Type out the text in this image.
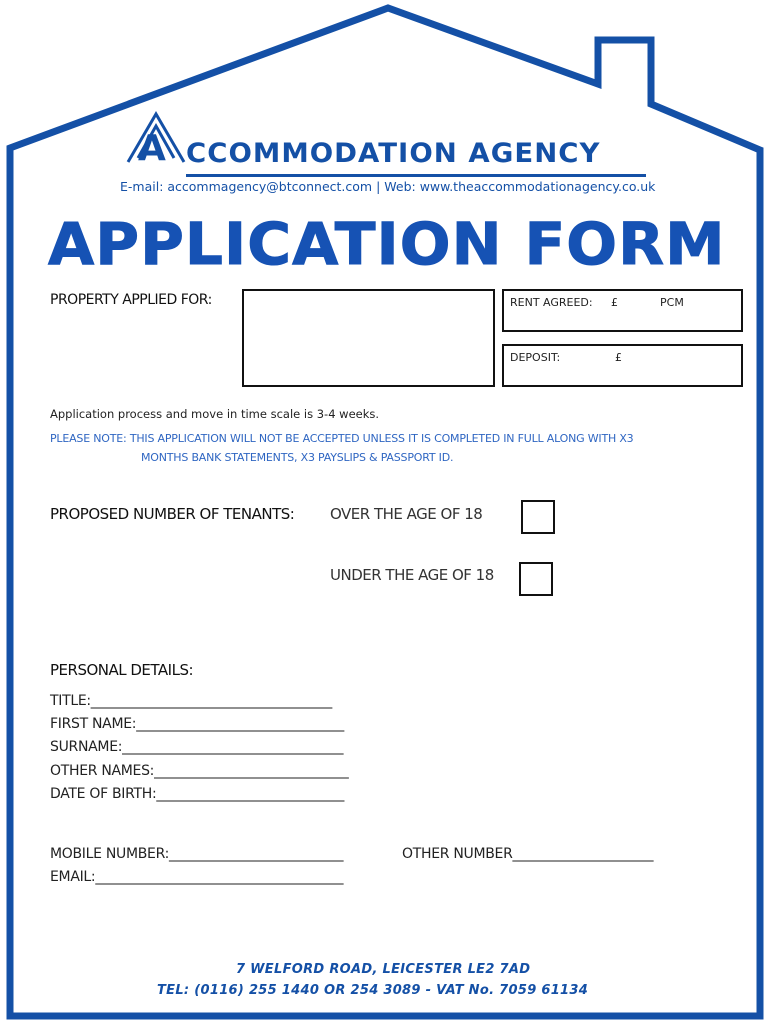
A CCOMMODATION AGENCY
E-mail: accommagency@btconnect.com | Web: www.theaccommodationagency.co.uk
APPLICATION FORM
PROPERTY APPLIED FOR:	RENT AGREED: £	PCM
DEPOSIT:	£
Application process and move in time scale is 3-4 weeks.
PLEASE NOTE: THIS APPLICATION WILL NOT BE ACCEPTED UNLESS IT IS COMPLETED IN FULL ALONG WITH X3
MONTHS BANK STATEMENTS, X3 PAYSLIPS & PASSPORT ID.
PROPOSED NUMBER OF TENANTS: OVER THE AGE OF 18
UNDER THE AGE OF 18
PERSONAL DETAILS:
TITLE:____________________________________
FIRST NAME:_______________________________
SURNAME:_________________________________
OTHER NAMES:_____________________________
DATE OF BIRTH:____________________________
MOBILE NUMBER:__________________________	OTHER NUMBER_____________________
EMAIL:_____________________________________
7 WELFORD ROAD, LEICESTER LE2 7AD
TEL: (0116) 255 1440 OR 254 3089 - VAT No. 7059 61134
